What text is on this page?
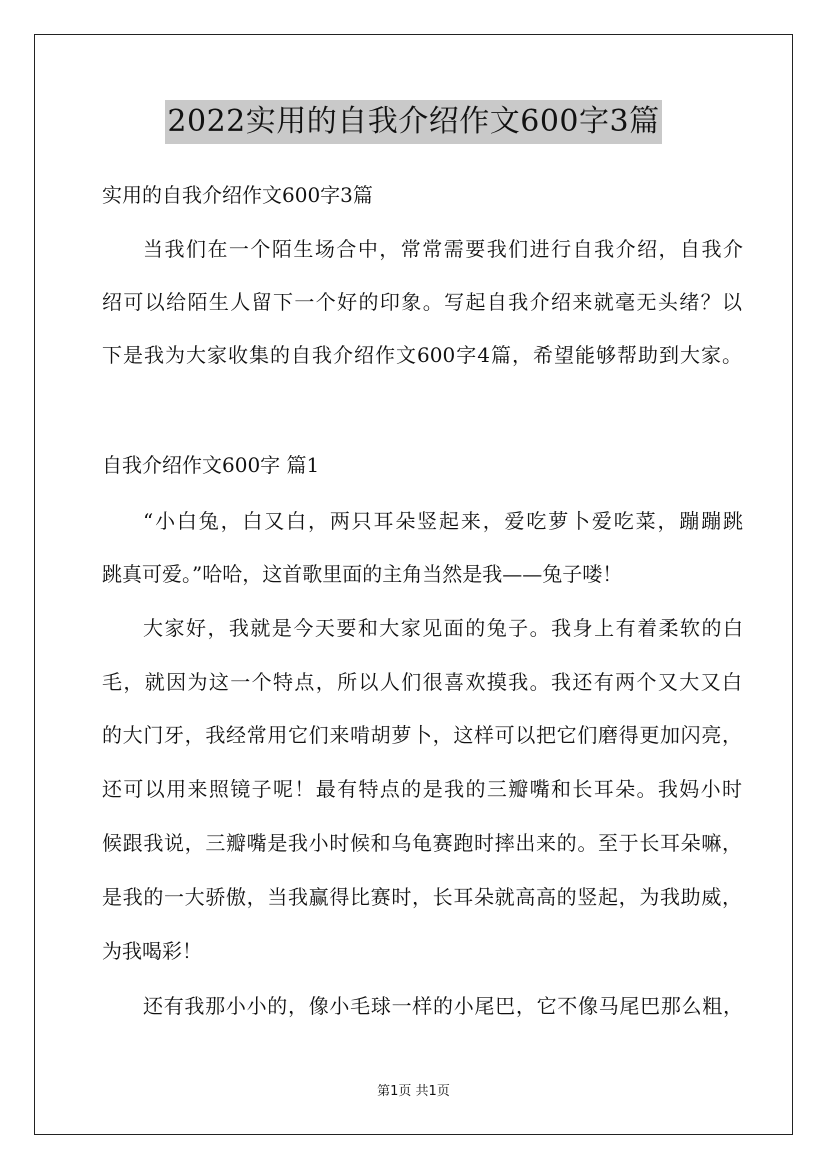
2022实用的自我介绍作文600字3篇
实用的自我介绍作文600字3篇
当我们在一个陌生场合中，常常需要我们进行自我介绍，自我介
绍可以给陌生人留下一个好的印象。写起自我介绍来就毫无头绪？以
下是我为大家收集的自我介绍作文600字4篇，希望能够帮助到大家。
自我介绍作文600字 篇1
“小白兔，白又白，两只耳朵竖起来，爱吃萝卜爱吃菜，蹦蹦跳
跳真可爱。”哈哈，这首歌里面的主角当然是我——兔子喽！
大家好，我就是今天要和大家见面的兔子。我身上有着柔软的白
毛，就因为这一个特点，所以人们很喜欢摸我。我还有两个又大又白
的大门牙，我经常用它们来啃胡萝卜，这样可以把它们磨得更加闪亮，
还可以用来照镜子呢！最有特点的是我的三瓣嘴和长耳朵。我妈小时
候跟我说，三瓣嘴是我小时候和乌龟赛跑时摔出来的。至于长耳朵嘛，
是我的一大骄傲，当我赢得比赛时，长耳朵就高高的竖起，为我助威，
为我喝彩！
还有我那小小的，像小毛球一样的小尾巴，它不像马尾巴那么粗，
第1页 共1页
